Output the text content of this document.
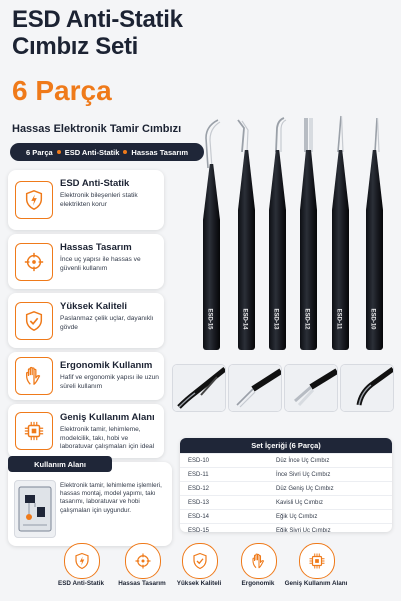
ESD Anti-Statik
Cımbız Seti
6 Parça
Hassas Elektronik Tamir Cımbızı
6 Parça ESD Anti-Statik Hassas Tasarım
ESD Anti-Statik
Elektronik bileşenleri statik elektrikten korur
Hassas Tasarım
İnce uç yapısı ile hassas ve güvenli kullanım
Yüksek Kaliteli
Paslanmaz çelik uçlar, dayanıklı gövde
Ergonomik Kullanım
Hafif ve ergonomik yapısı ile uzun süreli kullanım
Geniş Kullanım Alanı
Elektronik tamir, lehimleme, modelcilik, takı, hobi ve laboratuvar çalışmaları için ideal
ESD-15	ESD-14	ESD-13	ESD-12	ESD-11	ESD-10
Set İçeriği (6 Parça)
ESD-10	Düz İnce Uç Cımbız
ESD-11	İnce Sivri Uç Cımbız
ESD-12	Düz Geniş Uç Cımbız
ESD-13	Kavisli Uç Cımbız
ESD-14	Eğik Uç Cımbız
ESD-15	Eğik Sivri Uç Cımbız
Kullanım Alanı
Elektronik tamir, lehimleme işlemleri, hassas montaj, model yapımı, takı tasarımı, laboratuvar ve hobi çalışmaları için uygundur.
ESD Anti-Statik	Hassas Tasarım	Yüksek Kaliteli	Ergonomik	Geniş Kullanım Alanı
